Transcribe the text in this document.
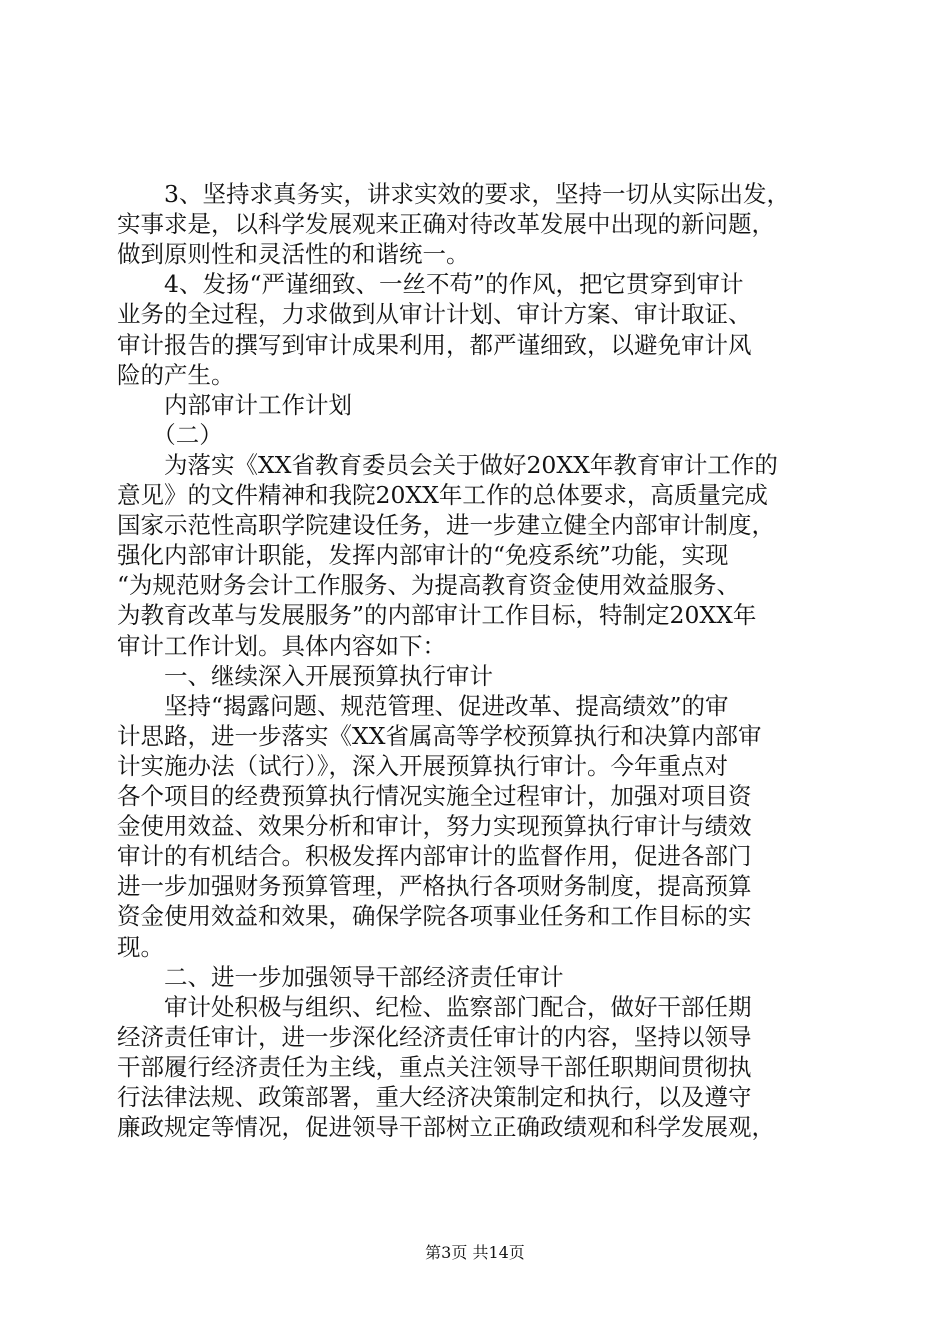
　　3、坚持求真务实，讲求实效的要求，坚持一切从实际出发，

实事求是，以科学发展观来正确对待改革发展中出现的新问题，

做到原则性和灵活性的和谐统一。

　　4、发扬“严谨细致、一丝不苟”的作风，把它贯穿到审计

业务的全过程，力求做到从审计计划、审计方案、审计取证、

审计报告的撰写到审计成果利用，都严谨细致，以避免审计风

险的产生。

　　内部审计工作计划

　　（二）

　　为落实《XX省教育委员会关于做好20XX年教育审计工作的

意见》的文件精神和我院20XX年工作的总体要求，高质量完成

国家示范性高职学院建设任务，进一步建立健全内部审计制度，

强化内部审计职能，发挥内部审计的“免疫系统”功能，实现

“为规范财务会计工作服务、为提高教育资金使用效益服务、

为教育改革与发展服务”的内部审计工作目标，特制定20XX年

审计工作计划。具体内容如下：

　　一、继续深入开展预算执行审计

　　坚持“揭露问题、规范管理、促进改革、提高绩效”的审

计思路，进一步落实《XX省属高等学校预算执行和决算内部审

计实施办法（试行）》，深入开展预算执行审计。今年重点对

各个项目的经费预算执行情况实施全过程审计，加强对项目资

金使用效益、效果分析和审计，努力实现预算执行审计与绩效

审计的有机结合。积极发挥内部审计的监督作用，促进各部门

进一步加强财务预算管理，严格执行各项财务制度，提高预算

资金使用效益和效果，确保学院各项事业任务和工作目标的实

现。

　　二、进一步加强领导干部经济责任审计

　　审计处积极与组织、纪检、监察部门配合，做好干部任期

经济责任审计，进一步深化经济责任审计的内容，坚持以领导

干部履行经济责任为主线，重点关注领导干部任职期间贯彻执

行法律法规、政策部署，重大经济决策制定和执行，以及遵守

廉政规定等情况，促进领导干部树立正确政绩观和科学发展观，

第3页 共14页
